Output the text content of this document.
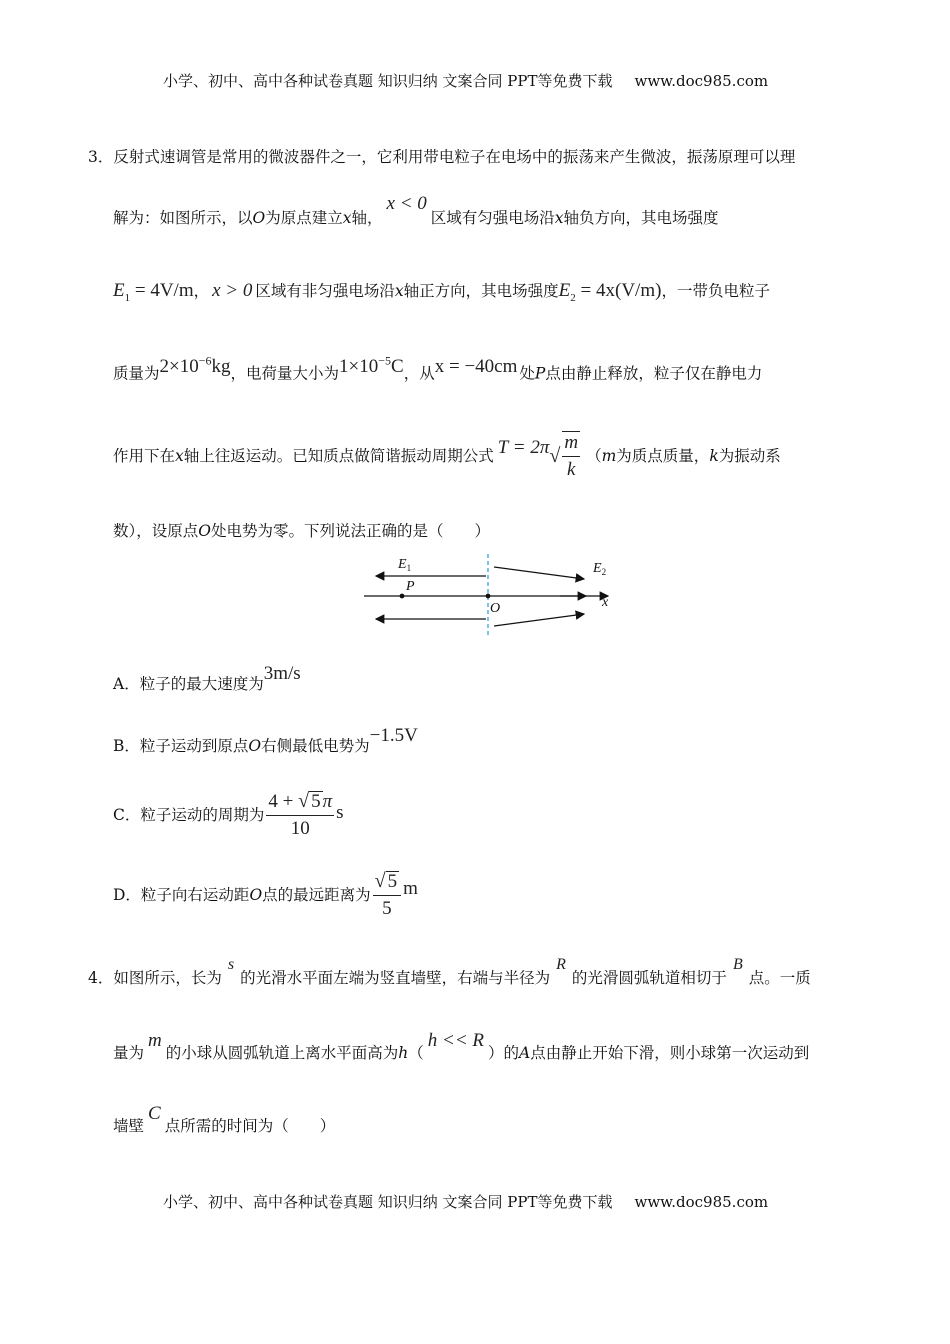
小学、初中、高中各种试卷真题 知识归纳 文案合同 PPT等免费下载 www.doc985.com
3．反射式速调管是常用的微波器件之一，它利用带电粒子在电场中的振荡来产生微波，振荡原理可以理
解为：如图所示，以O为原点建立x轴，x < 0区域有匀强电场沿x轴负方向，其电场强度
$E_1 = 4V/m$， x > 0 区域有非匀强电场沿x轴正方向，其电场强度$E_2 = 4x(V/m)$，一带负电粒子
质量为$2\times 10^{-6}kg$，电荷量大小为$1\times 10^{-5}C$，从x = −40cm 处P点由静止释放，粒子仅在静电力
作用下在 x 轴上往返运动。已知质点做简谐振动周期公式 T = 2π √ $\frac{m}{k}$ （ m 为质点质量， k 为振动系
数），设原点O处电势为零。下列说法正确的是（　　）
$E_1$	$E_2$
P
O	x
A．粒子的最大速度为3m/s
B．粒子运动到原点O右侧最低电势为−1.5V
C．粒子运动的周期为 $\frac{4 + √ 5 \pi}{10}$ s
D．粒子向右运动距 O 点的最远距离为 $\frac{√ 5}{5}$ m
4．如图所示，长为s的光滑水平面左端为竖直墙壁，右端与半径为R的光滑圆弧轨道相切于B点。一质
量为m的小球从圆弧轨道上离水平面高为h（h << R）的A点由静止开始下滑，则小球第一次运动到
墙壁C点所需的时间为（　　）
小学、初中、高中各种试卷真题 知识归纳 文案合同 PPT等免费下载 www.doc985.com
